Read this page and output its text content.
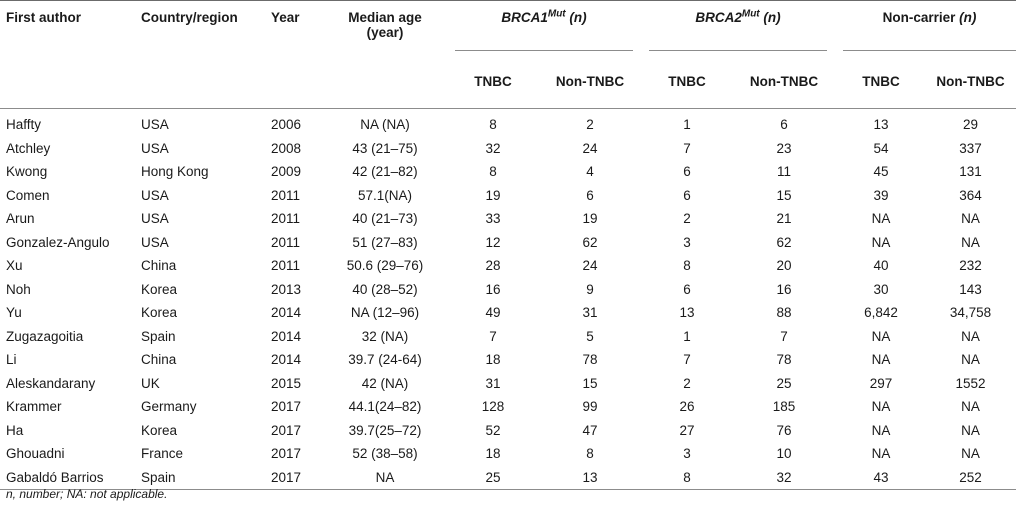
First author	Country/region	Year	Median age
(year)	$BRCA1^{Mut}$ (n)		$BRCA2^{Mut}$ (n)		Non-carrier (n)	

				TNBC	Non-TNBC	TNBC	Non-TNBC	TNBC	Non-TNBC
Haffty	USA	2006	NA (NA)	8	2	1	6	13	29
Atchley	USA	2008	43 (21–75)	32	24	7	23	54	337
Kwong	Hong Kong	2009	42 (21–82)	8	4	6	11	45	131
Comen	USA	2011	57.1(NA)	19	6	6	15	39	364
Arun	USA	2011	40 (21–73)	33	19	2	21	NA	NA
Gonzalez-Angulo	USA	2011	51 (27–83)	12	62	3	62	NA	NA
Xu	China	2011	50.6 (29–76)	28	24	8	20	40	232
Noh	Korea	2013	40 (28–52)	16	9	6	16	30	143
Yu	Korea	2014	NA (12–96)	49	31	13	88	6,842	34,758
Zugazagoitia	Spain	2014	32 (NA)	7	5	1	7	NA	NA
Li	China	2014	39.7 (24-64)	18	78	7	78	NA	NA
Aleskandarany	UK	2015	42 (NA)	31	15	2	25	297	1552
Krammer	Germany	2017	44.1(24–82)	128	99	26	185	NA	NA
Ha	Korea	2017	39.7(25–72)	52	47	27	76	NA	NA
Ghouadni	France	2017	52 (38–58)	18	8	3	10	NA	NA
Gabaldó Barrios	Spain	2017	NA	25	13	8	32	43	252
n, number; NA: not applicable.
